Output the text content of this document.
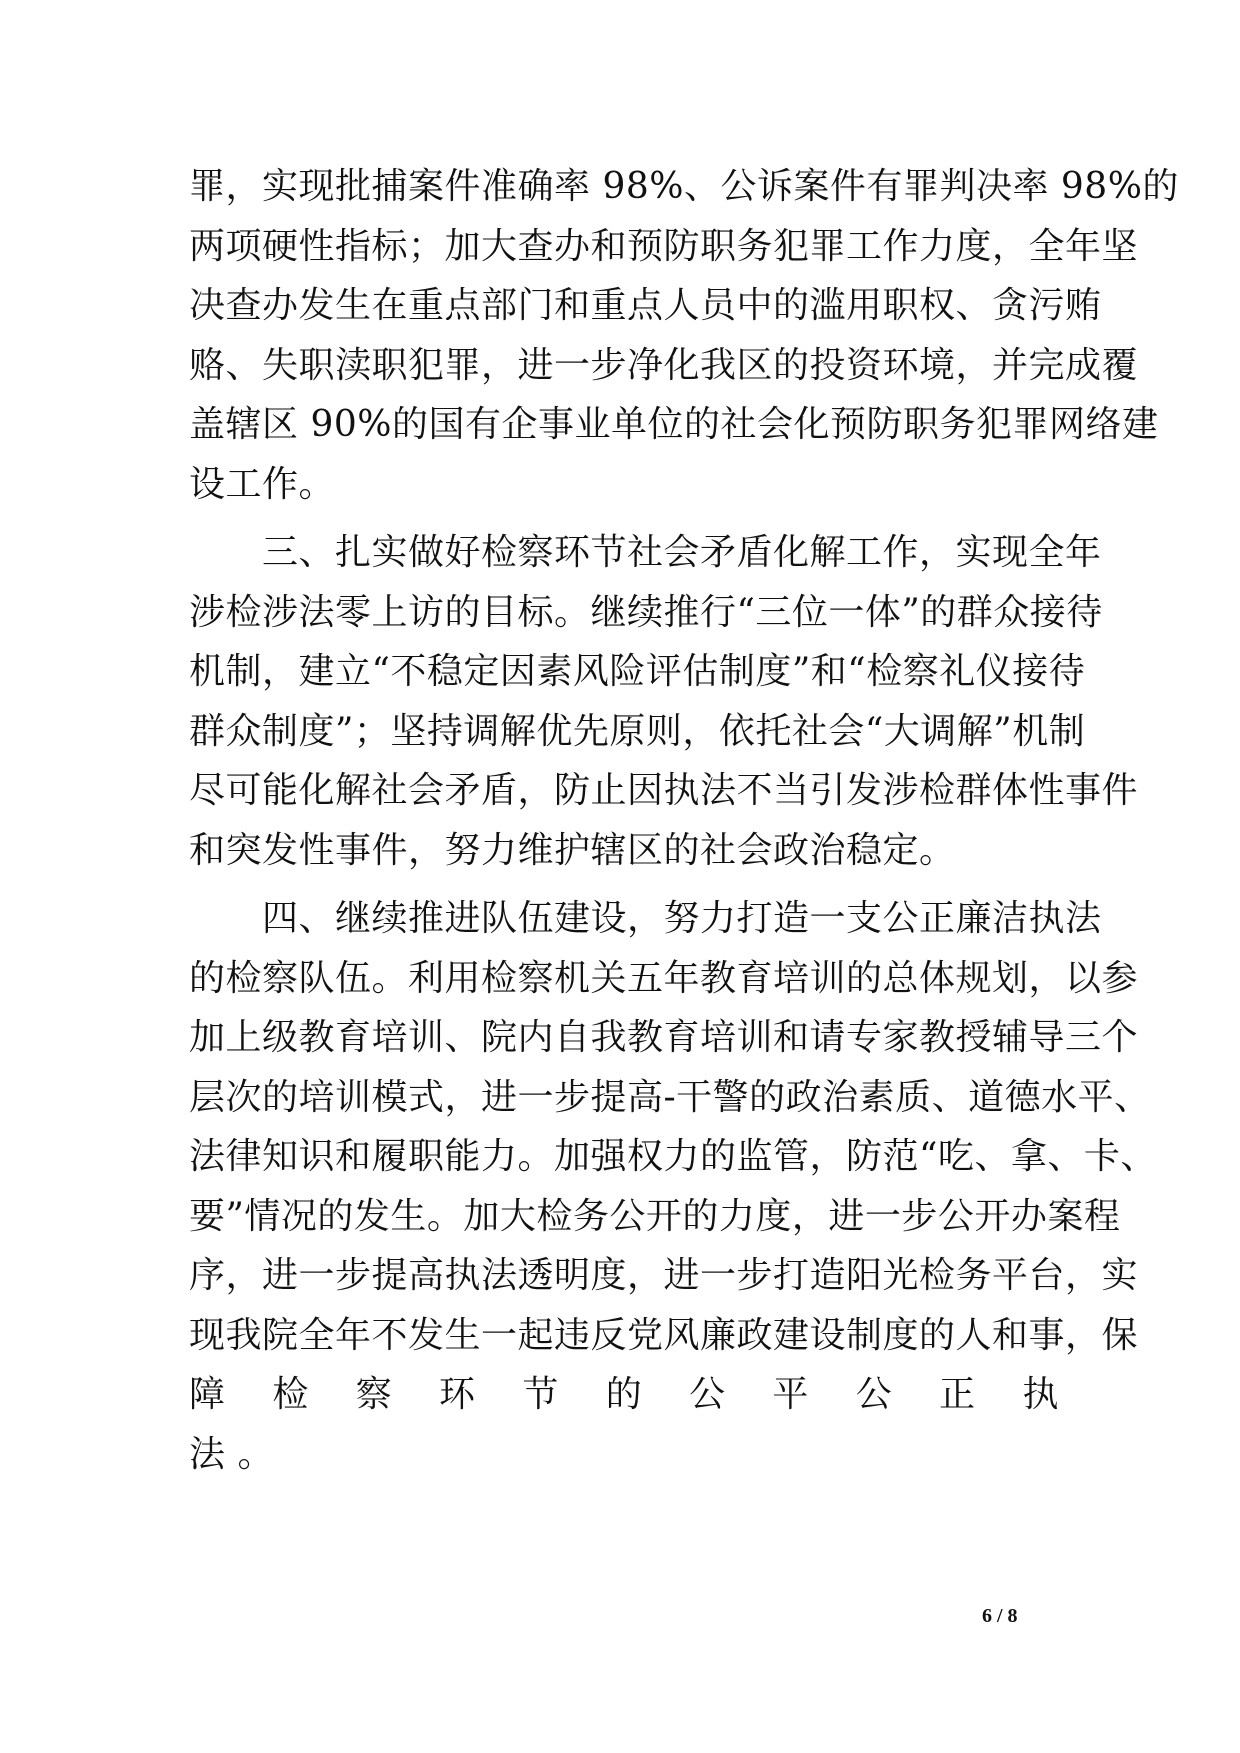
罪，实现批捕案件准确率 98%、公诉案件有罪判决率 98%的
两项硬性指标；加大查办和预防职务犯罪工作力度，全年坚
决查办发生在重点部门和重点人员中的滥用职权、贪污贿
赂、失职渎职犯罪，进一步净化我区的投资环境，并完成覆
盖辖区 90%的国有企事业单位的社会化预防职务犯罪网络建
设工作。
　　三、扎实做好检察环节社会矛盾化解工作，实现全年
涉检涉法零上访的目标。继续推行“三位一体”的群众接待
机制，建立“不稳定因素风险评估制度”和“检察礼仪接待
群众制度”；坚持调解优先原则，依托社会“大调解”机制
尽可能化解社会矛盾，防止因执法不当引发涉检群体性事件
和突发性事件，努力维护辖区的社会政治稳定。
　　四、继续推进队伍建设，努力打造一支公正廉洁执法
的检察队伍。利用检察机关五年教育培训的总体规划，以参
加上级教育培训、院内自我教育培训和请专家教授辅导三个
层次的培训模式，进一步提高-干警的政治素质、道德水平、
法律知识和履职能力。加强权力的监管，防范“吃、拿、卡、
要”情况的发生。加大检务公开的力度，进一步公开办案程
序，进一步提高执法透明度，进一步打造阳光检务平台，实
现我院全年不发生一起违反党风廉政建设制度的人和事，保
障 检 察 环 节 的 公 平 公 正 执
法 。
6 / 8
